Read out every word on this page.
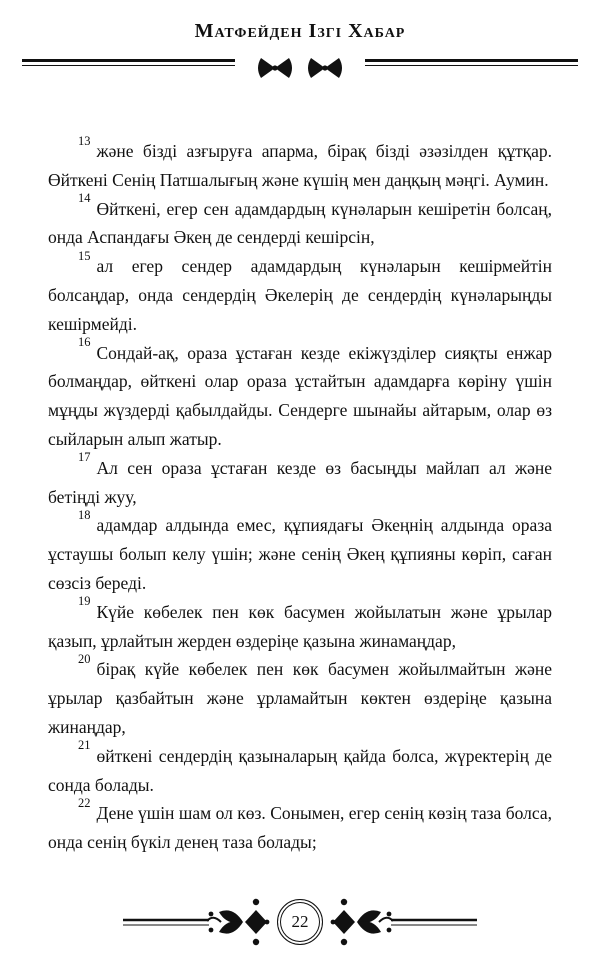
Матфейден Ізгі Хабар

$^{13}$және бізді азғыруға апарма, бірақ бізді әзәзілден құтқар. Өйткені Сенің Патшалығың және күшің мен даңқың мәңгі. Аумин.

$^{14}$Өйткені, егер сен адамдардың күнәларын кешіретін болсаң, онда Аспандағы Әкең де сендерді кешірсін,

$^{15}$ал егер сендер адамдардың күнәларын кешірмейтін болсаңдар, онда сендердің Әкелерің де сендердің күнәларыңды кешірмейді.

$^{16}$Сондай-ақ, ораза ұстаған кезде екіжүзділер сияқты енжар болмаңдар, өйткені олар ораза ұстайтын адамдарға көріну үшін мұңды жүздерді қабылдайды. Сендерге шынайы айтарым, олар өз сыйларын алып жатыр.

$^{17}$Ал сен ораза ұстаған кезде өз басыңды майлап ал және бетіңді жуу,

$^{18}$адамдар алдында емес, құпиядағы Әкеңнің алдында ораза ұстаушы болып келу үшін; және сенің Әкең құпияны көріп, саған сөзсіз береді.

$^{19}$Күйе көбелек пен көк басумен жойылатын және ұрылар қазып, ұрлайтын жерден өздеріңе қазына жинамаңдар,

$^{20}$бірақ күйе көбелек пен көк басумен жойылмайтын және ұрылар қазбайтын және ұрламайтын көктен өздеріңе қазына жинаңдар,

$^{21}$өйткені сендердің қазыналарың қайда болса, жүректерің де сонда болады.

$^{22}$Дене үшін шам ол көз. Сонымен, егер сенің көзің таза болса, онда сенің бүкіл денең таза болады;

22
